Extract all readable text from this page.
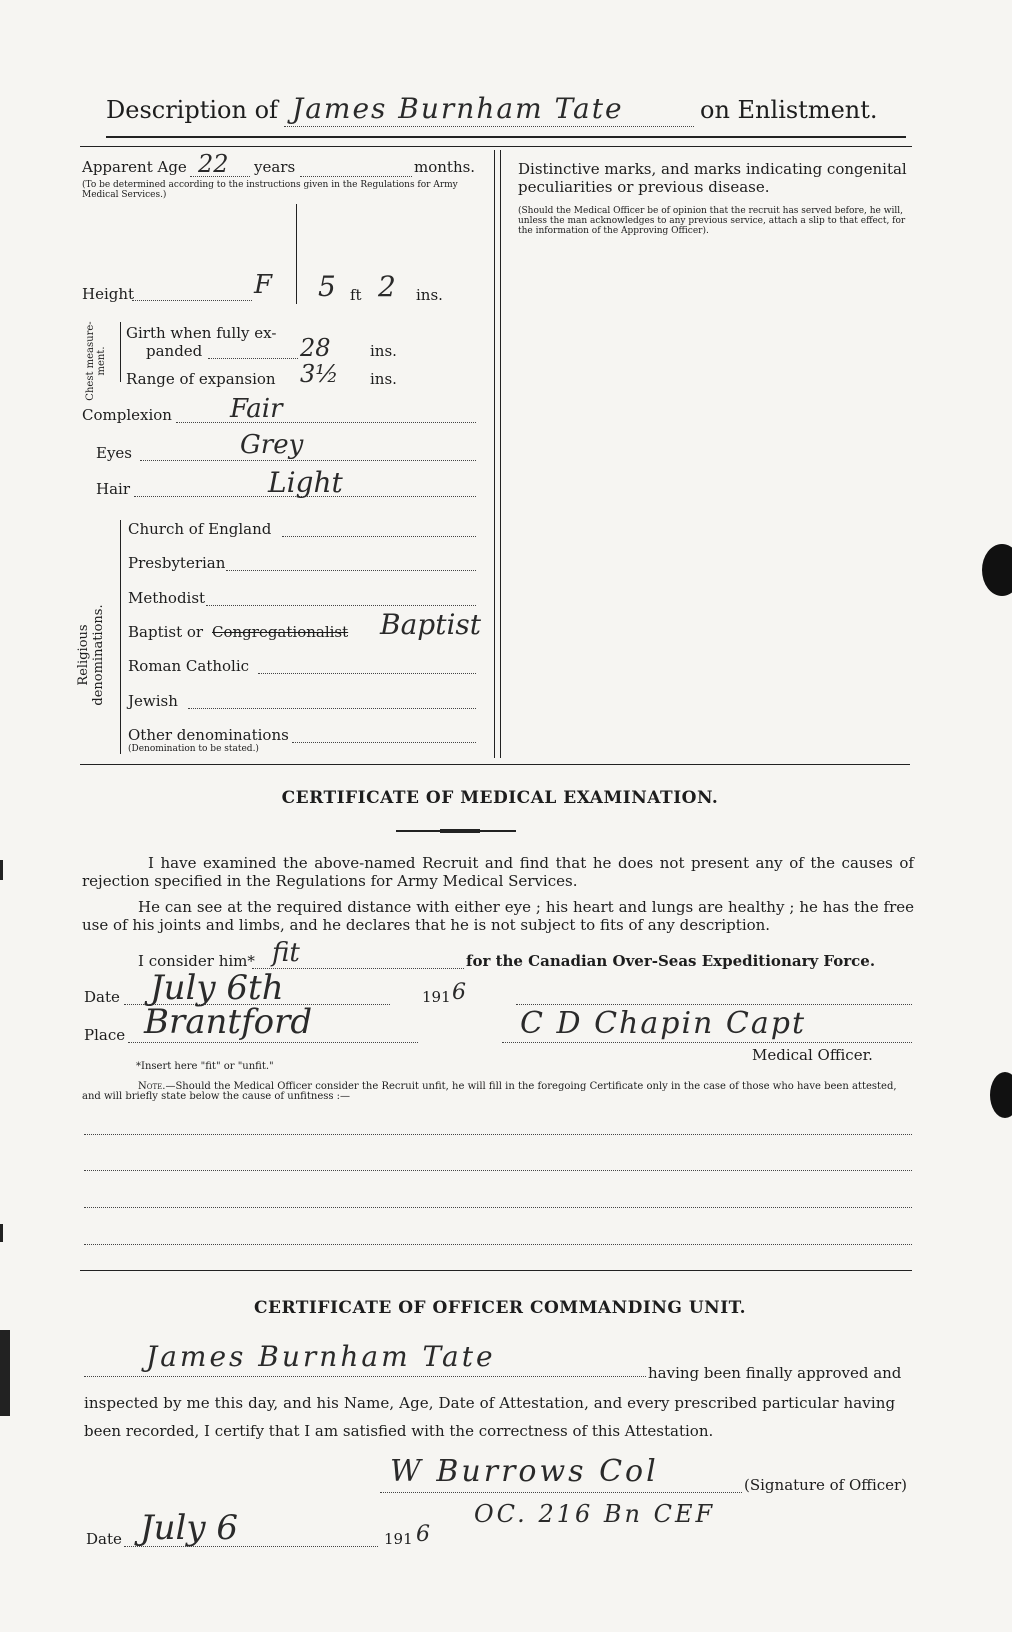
Description of James Burnham Tate	on Enlistment.
Apparent Age 22 years	months.
(To be determined according to the instructions given in the Regulations for Army Medical Services.)
Height	F 5 ft 2 ins.
Chest measure-ment.
Girth when fully ex-
panded	28	ins.
Range of expansion 3½ ins.
Complexion Fair
Eyes	Grey
Hair	Light
Religious denominations.
Church of England
Presbyterian
Methodist
Baptist or Congregationalist Baptist
Roman Catholic
Jewish
Other denominations
(Denomination to be stated.)
Distinctive marks, and marks indicating congenital peculiarities or previous disease.
(Should the Medical Officer be of opinion that the recruit has served before, he will, unless the man acknowledges to any previous service, attach a slip to that effect, for the information of the Approving Officer).
CERTIFICATE OF MEDICAL EXAMINATION.
I have examined the above-named Recruit and find that he does not present any of the causes of rejection specified in the Regulations for Army Medical Services.
He can see at the required distance with either eye ; his heart and lungs are healthy ; he has the free use of his joints and limbs, and he declares that he is not subject to fits of any description.
I consider him* fit	for the Canadian Over-Seas Expeditionary Force.
Date July 6th	191 6
Place Brantford	C D Chapin Capt
Medical Officer.
*Insert here "fit" or "unfit."
Note.—Should the Medical Officer consider the Recruit unfit, he will fill in the foregoing Certificate only in the case of those who have been attested, and will briefly state below the cause of unfitness :—
CERTIFICATE OF OFFICER COMMANDING UNIT.
James Burnham Tate	having been finally approved and
inspected by me this day, and his Name, Age, Date of Attestation, and every prescribed particular having
been recorded, I certify that I am satisfied with the correctness of this Attestation.
W Burrows Col	(Signature of Officer)
OC. 216 Bn CEF
Date July 6	191 6
